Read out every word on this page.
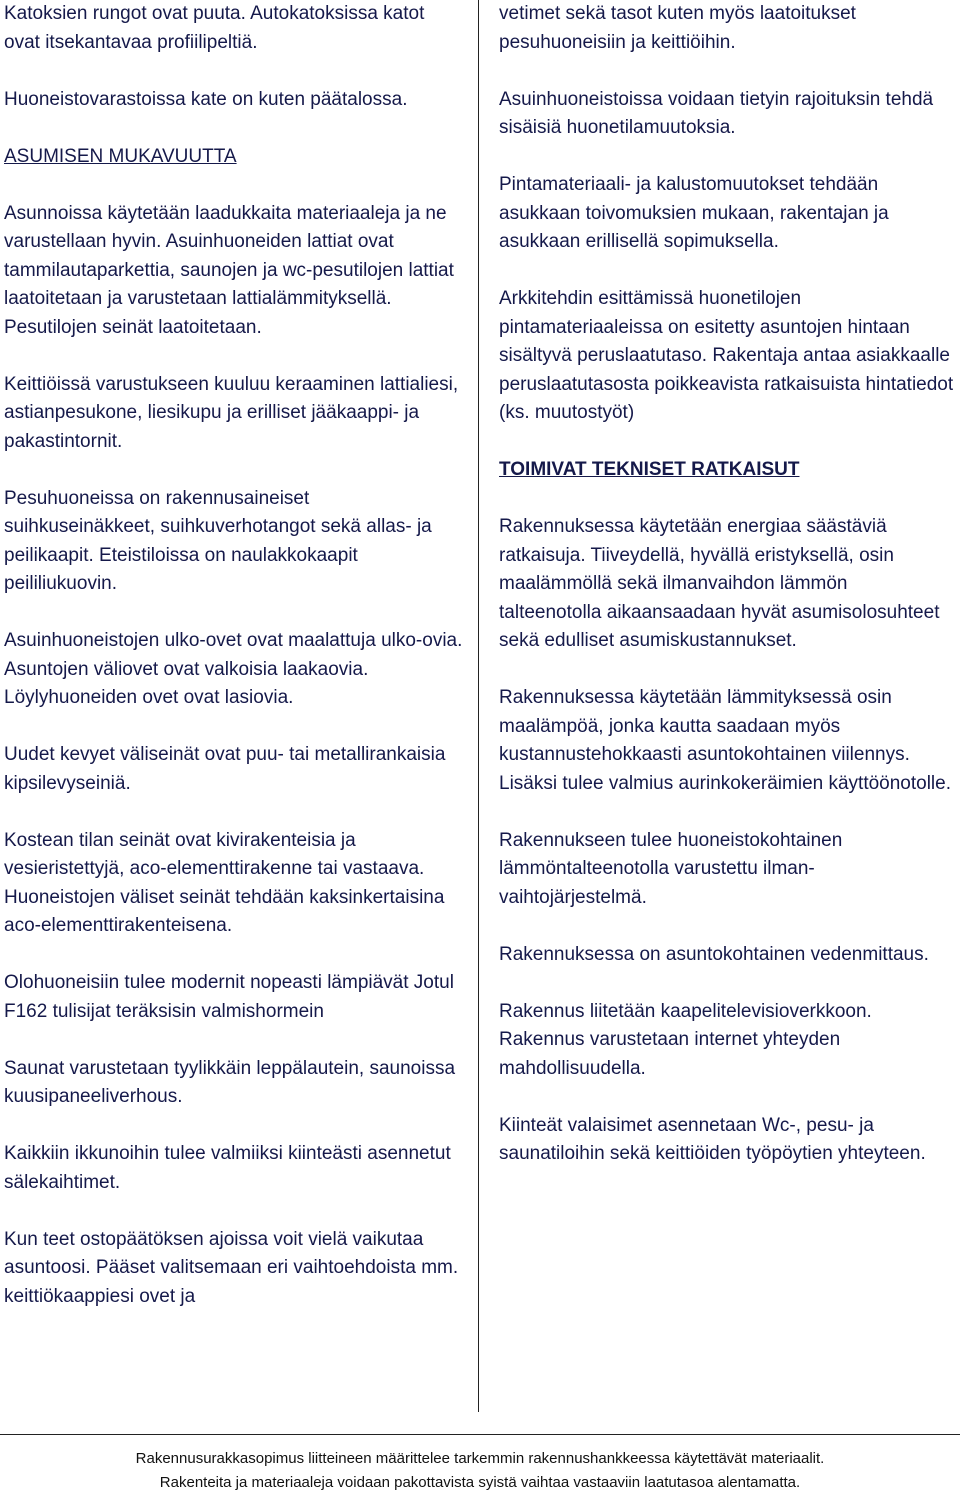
Katoksien rungot ovat puuta. Autokatoksissa katot ovat itsekantavaa profiilipeltiä.

Huoneistovarastoissa kate on kuten päätalossa.

ASUMISEN MUKAVUUTTA

Asunnoissa käytetään laadukkaita materiaaleja ja ne varustellaan hyvin. Asuinhuoneiden lattiat ovat tammilautaparkettia, saunojen ja wc-pesutilojen lattiat laatoitetaan ja varustetaan lattialämmityksellä. Pesutilojen seinät laatoitetaan.

Keittiöissä varustukseen kuuluu keraaminen lattialiesi, astianpesukone, liesikupu ja erilliset jääkaappi- ja pakastintornit.

Pesuhuoneissa on rakennusaineiset suihkuseinäkkeet, suihkuverhotangot sekä allas- ja peilikaapit. Eteistiloissa on naulakkokaapit peililiukuovin.

Asuinhuoneistojen ulko-ovet ovat maalattuja ulko-ovia. Asuntojen väliovet ovat valkoisia laakaovia. Löylyhuoneiden ovet ovat lasiovia.

Uudet kevyet väliseinät ovat puu- tai metallirankaisia kipsilevyseiniä.

Kostean tilan seinät ovat kivirakenteisia ja vesieristettyjä, aco-elementtirakenne tai vastaava. Huoneistojen väliset seinät tehdään kaksinkertaisina aco-elementtirakenteisena.

Olohuoneisiin tulee modernit nopeasti lämpiävät Jotul F162 tulisijat teräksisin valmishormein

Saunat varustetaan tyylikkäin leppälautein, saunoissa kuusipaneeliverhous.

Kaikkiin ikkunoihin tulee valmiiksi kiinteästi asennetut sälekaihtimet.

Kun teet ostopäätöksen ajoissa voit vielä vaikutaa asuntoosi. Pääset valitsemaan eri vaihtoehdoista mm. keittiökaappiesi ovet ja

vetimet sekä tasot kuten myös laatoitukset pesuhuoneisiin ja keittiöihin.

Asuinhuoneistoissa voidaan tietyin rajoituksin tehdä sisäisiä huonetilamuutoksia.

Pintamateriaali- ja kalustomuutokset tehdään asukkaan toivomuksien mukaan, rakentajan ja asukkaan erillisellä sopimuksella.

Arkkitehdin esittämissä huonetilojen pintamateriaaleissa on esitetty asuntojen hintaan sisältyvä peruslaatutaso. Rakentaja antaa asiakkaalle peruslaatutasosta poikkeavista ratkaisuista hintatiedot (ks. muutostyöt)

TOIMIVAT TEKNISET RATKAISUT

Rakennuksessa käytetään energiaa säästäviä ratkaisuja. Tiiveydellä, hyvällä eristyksellä, osin maalämmöllä sekä ilmanvaihdon lämmön talteenotolla aikaansaadaan hyvät asumisolosuhteet sekä edulliset asumiskustannukset.

Rakennuksessa käytetään lämmityksessä osin maalämpöä, jonka kautta saadaan myös kustannustehokkaasti asuntokohtainen viilennys. Lisäksi tulee valmius aurinkokeräimien käyttöönotolle.

Rakennukseen tulee huoneistokohtainen lämmöntalteenotolla varustettu ilman-vaihtojärjestelmä.

Rakennuksessa on asuntokohtainen vedenmittaus.

Rakennus liitetään kaapelitelevisioverkkoon. Rakennus varustetaan internet yhteyden mahdollisuudella.

Kiinteät valaisimet asennetaan Wc-, pesu- ja saunatiloihin sekä keittiöiden työpöytien yhteyteen.

Rakennusurakkasopimus liitteineen määrittelee tarkemmin rakennushankkeessa käytettävät materiaalit.
Rakenteita ja materiaaleja voidaan pakottavista syistä vaihtaa vastaaviin laatutasoa alentamatta.
